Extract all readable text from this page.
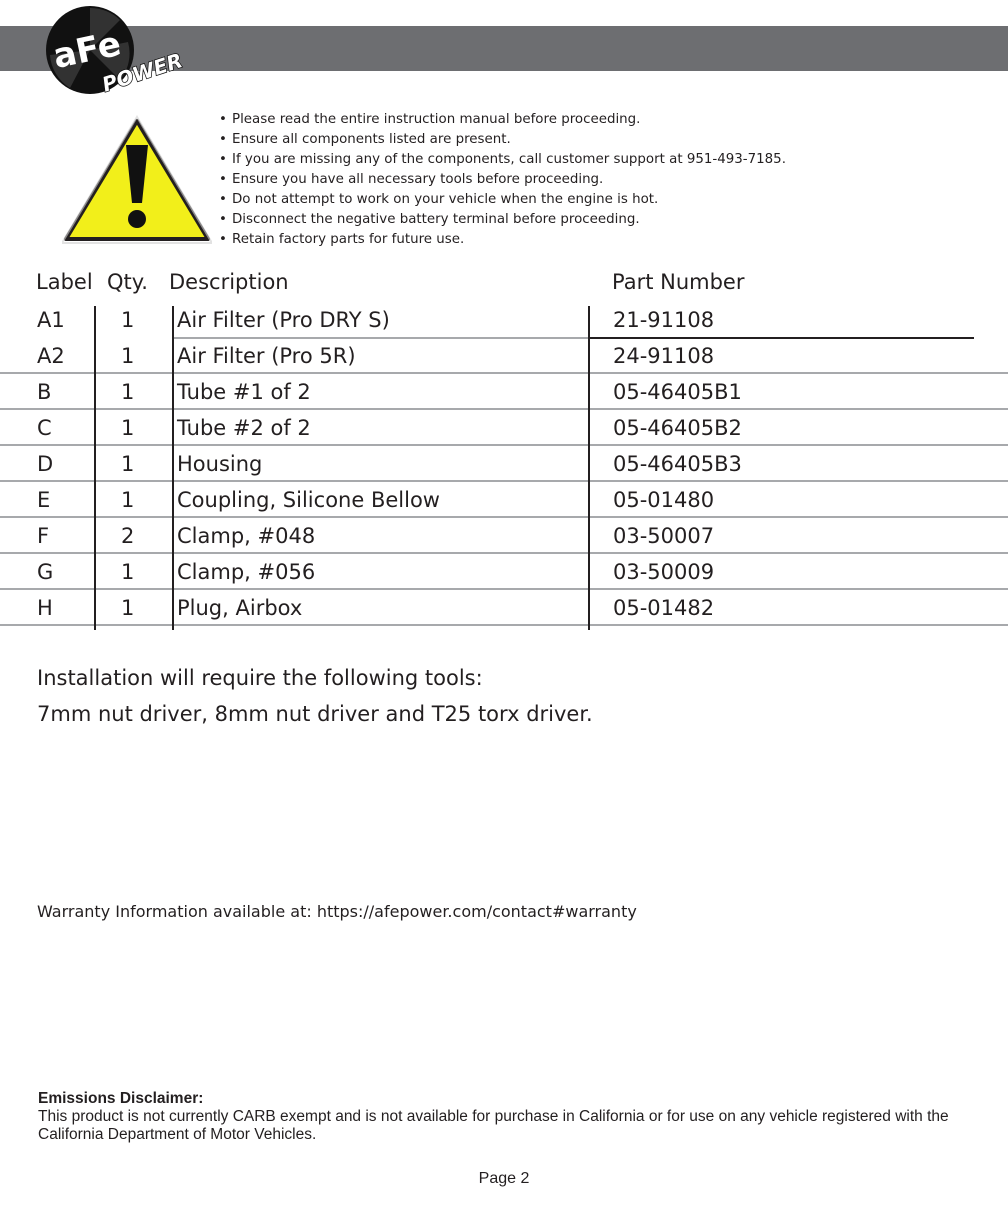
aFe
POWER
• Please read the entire instruction manual before proceeding.
• Ensure all components listed are present.
• If you are missing any of the components, call customer support at 951-493-7185.
• Ensure you have all necessary tools before proceeding.
• Do not attempt to work on your vehicle when the engine is hot.
• Disconnect the negative battery terminal before proceeding.
• Retain factory parts for future use.
Label Qty. Description	Part Number
A1	1 Air Filter (Pro DRY S)	21-91108
A2	1 Air Filter (Pro 5R)	24-91108
B	1 Tube #1 of 2	05-46405B1
C	1 Tube #2 of 2	05-46405B2
D	1 Housing	05-46405B3
E	1 Coupling, Silicone Bellow	05-01480
F	2 Clamp, #048	03-50007
G	1 Clamp, #056	03-50009
H	1 Plug, Airbox	05-01482
Installation will require the following tools:
7mm nut driver, 8mm nut driver and T25 torx driver.
Warranty Information available at: https://afepower.com/contact#warranty
Emissions Disclaimer:
This product is not currently CARB exempt and is not available for purchase in California or for use on any vehicle registered with the California Department of Motor Vehicles.
Page 2
